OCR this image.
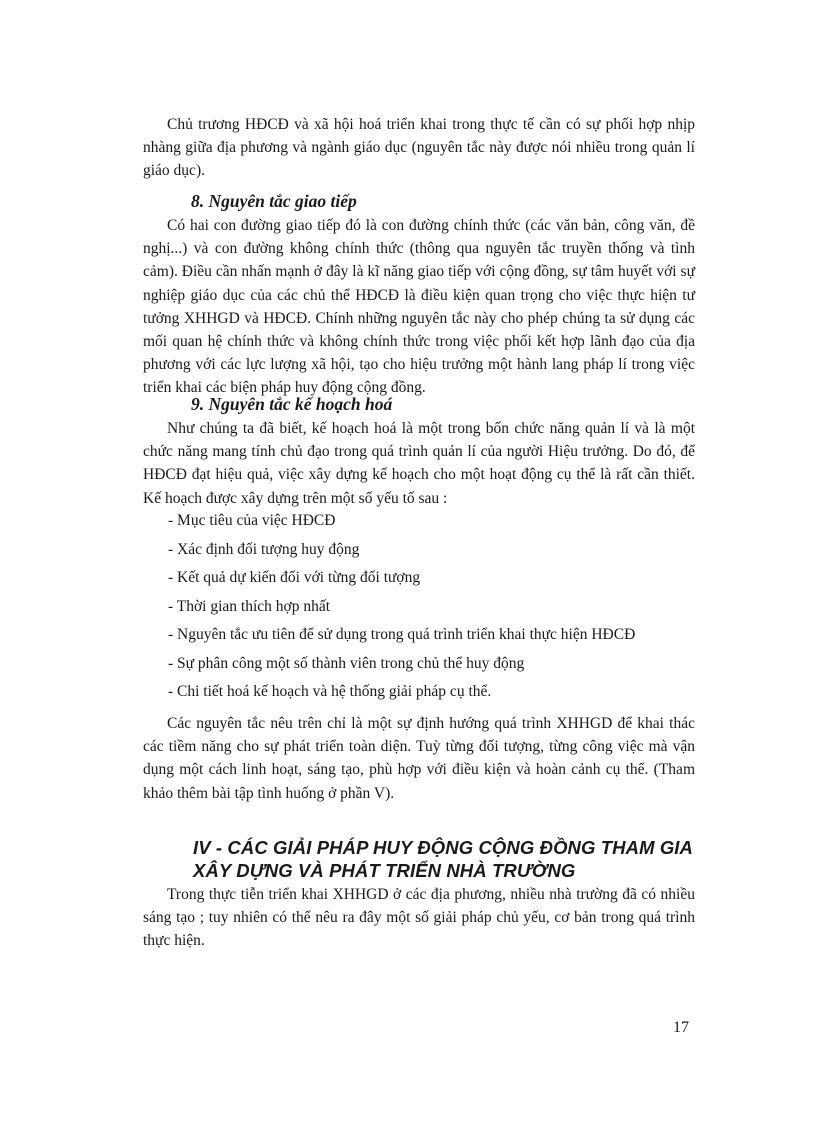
Chủ trương HĐCĐ và xã hội hoá triển khai trong thực tế cần có sự phối hợp nhịp nhàng giữa địa phương và ngành giáo dục (nguyên tắc này được nói nhiều trong quản lí giáo dục).

8. Nguyên tắc giao tiếp

Có hai con đường giao tiếp đó là con đường chính thức (các văn bản, công văn, đề nghị...) và con đường không chính thức (thông qua nguyên tắc truyền thống và tình cảm). Điều cần nhấn mạnh ở đây là kĩ năng giao tiếp với cộng đồng, sự tâm huyết với sự nghiệp giáo dục của các chủ thể HĐCĐ là điều kiện quan trọng cho việc thực hiện tư tưởng XHHGD và HĐCĐ. Chính những nguyên tắc này cho phép chúng ta sử dụng các mối quan hệ chính thức và không chính thức trong việc phối kết hợp lãnh đạo của địa phương với các lực lượng xã hội, tạo cho hiệu trưởng một hành lang pháp lí trong việc triển khai các biện pháp huy động cộng đồng.

9. Nguyên tắc kế hoạch hoá

Như chúng ta đã biết, kế hoạch hoá là một trong bốn chức năng quản lí và là một chức năng mang tính chủ đạo trong quá trình quản lí của người Hiệu trưởng. Do đó, để HĐCĐ đạt hiệu quả, việc xây dựng kế hoạch cho một hoạt động cụ thể là rất cần thiết. Kế hoạch được xây dựng trên một số yếu tố sau :

- Mục tiêu của việc HĐCĐ

- Xác định đối tượng huy động

- Kết quả dự kiến đối với từng đối tượng

- Thời gian thích hợp nhất

- Nguyên tắc ưu tiên để sử dụng trong quá trình triển khai thực hiện HĐCĐ

- Sự phân công một số thành viên trong chủ thể huy động

- Chi tiết hoá kế hoạch và hệ thống giải pháp cụ thể.

Các nguyên tắc nêu trên chỉ là một sự định hướng quá trình XHHGD để khai thác các tiềm năng cho sự phát triển toàn diện. Tuỳ từng đối tượng, từng công việc mà vận dụng một cách linh hoạt, sáng tạo, phù hợp với điều kiện và hoàn cảnh cụ thể. (Tham khảo thêm bài tập tình huống ở phần V).

IV - CÁC GIẢI PHÁP HUY ĐỘNG CỘNG ĐỒNG THAM GIA
XÂY DỰNG VÀ PHÁT TRIỂN NHÀ TRƯỜNG

Trong thực tiễn triển khai XHHGD ở các địa phương, nhiều nhà trường đã có nhiều sáng tạo ; tuy nhiên có thể nêu ra đây một số giải pháp chủ yếu, cơ bản trong quá trình thực hiện.

17
